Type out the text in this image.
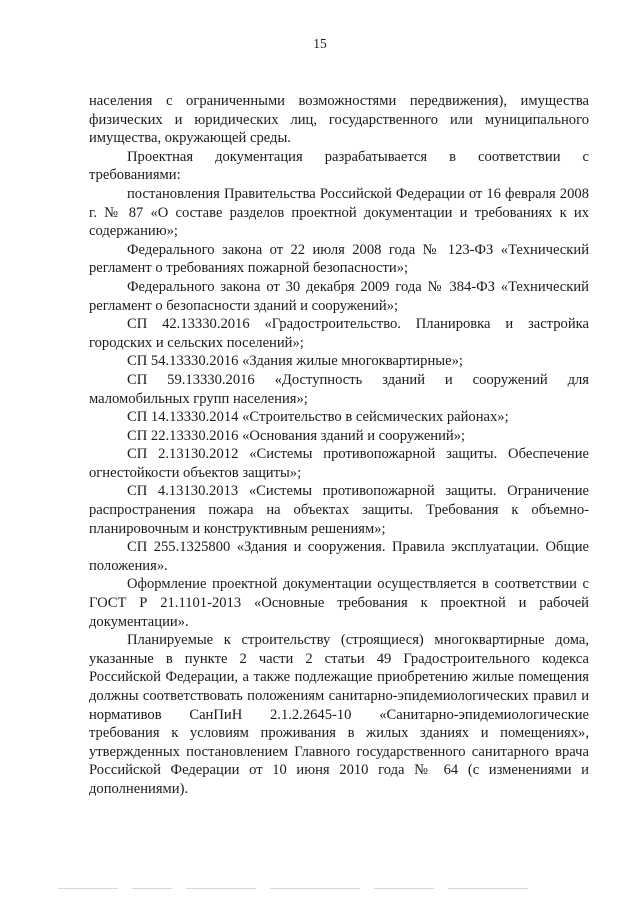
15

населения с ограниченными возможностями передвижения), имущества физических и юридических лиц, государственного или муниципального имущества, окружающей среды.

Проектная документация разрабатывается в соответствии с требованиями:

постановления Правительства Российской Федерации от 16 февраля 2008 г. № 87 «О составе разделов проектной документации и требованиях к их содержанию»;

Федерального закона от 22 июля 2008 года № 123-ФЗ «Технический регламент о требованиях пожарной безопасности»;

Федерального закона от 30 декабря 2009 года № 384-ФЗ «Технический регламент о безопасности зданий и сооружений»;

СП 42.13330.2016 «Градостроительство. Планировка и застройка городских и сельских поселений»;

СП 54.13330.2016 «Здания жилые многоквартирные»;

СП 59.13330.2016 «Доступность зданий и сооружений для маломобильных групп населения»;

СП 14.13330.2014 «Строительство в сейсмических районах»;

СП 22.13330.2016 «Основания зданий и сооружений»;

СП 2.13130.2012 «Системы противопожарной защиты. Обеспечение огнестойкости объектов защиты»;

СП 4.13130.2013 «Системы противопожарной защиты. Ограничение распространения пожара на объектах защиты. Требования к объемно-планировочным и конструктивным решениям»;

СП 255.1325800 «Здания и сооружения. Правила эксплуатации. Общие положения».

Оформление проектной документации осуществляется в соответствии с ГОСТ Р 21.1101-2013 «Основные требования к проектной и рабочей документации».

Планируемые к строительству (строящиеся) многоквартирные дома, указанные в пункте 2 части 2 статьи 49 Градостроительного кодекса Российской Федерации, а также подлежащие приобретению жилые помещения должны соответствовать положениям санитарно-эпидемиологических правил и нормативов СанПиН 2.1.2.2645-10 «Санитарно-эпидемиологические требования к условиям проживания в жилых зданиях и помещениях», утвержденных постановлением Главного государственного санитарного врача Российской Федерации от 10 июня 2010 года № 64 (с изменениями и дополнениями).
